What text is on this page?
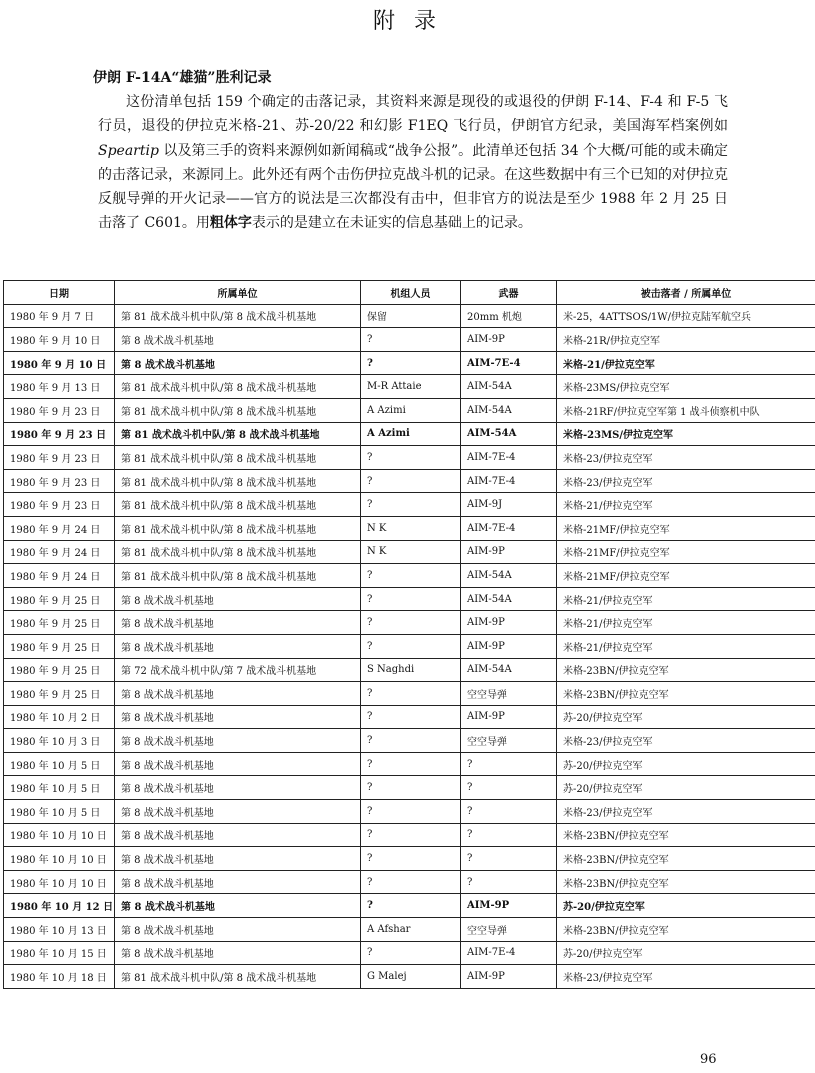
附 录
伊朗 F-14A“雄猫”胜利记录

这份清单包括 159 个确定的击落记录，其资料来源是现役的或退役的伊朗 F-14、F-4 和 F-5 飞行员，退役的伊拉克米格-21、苏-20/22 和幻影 F1EQ 飞行员，伊朗官方纪录，美国海军档案例如 Speartip 以及第三手的资料来源例如新闻稿或“战争公报”。此清单还包括 34 个大概/可能的或未确定的击落记录，来源同上。此外还有两个击伤伊拉克战斗机的记录。在这些数据中有三个已知的对伊拉克反舰导弹的开火记录——官方的说法是三次都没有击中，但非官方的说法是至少 1988 年 2 月 25 日击落了 C601。用粗体字表示的是建立在未证实的信息基础上的记录。

日期	所属单位	机组人员	武器	被击落者 / 所属单位
1980 年 9 月 7 日	第 81 战术战斗机中队/第 8 战术战斗机基地	保留	20mm 机炮	米-25，4ATTSOS/1W/伊拉克陆军航空兵
1980 年 9 月 10 日	第 8 战术战斗机基地	?	AIM-9P	米格-21R/伊拉克空军
1980 年 9 月 10 日	第 8 战术战斗机基地	?	AIM-7E-4	米格-21/伊拉克空军
1980 年 9 月 13 日	第 81 战术战斗机中队/第 8 战术战斗机基地	M-R Attaie	AIM-54A	米格-23MS/伊拉克空军
1980 年 9 月 23 日	第 81 战术战斗机中队/第 8 战术战斗机基地	A Azimi	AIM-54A	米格-21RF/伊拉克空军第 1 战斗侦察机中队
1980 年 9 月 23 日	第 81 战术战斗机中队/第 8 战术战斗机基地	A Azimi	AIM-54A	米格-23MS/伊拉克空军
1980 年 9 月 23 日	第 81 战术战斗机中队/第 8 战术战斗机基地	?	AIM-7E-4	米格-23/伊拉克空军
1980 年 9 月 23 日	第 81 战术战斗机中队/第 8 战术战斗机基地	?	AIM-7E-4	米格-23/伊拉克空军
1980 年 9 月 23 日	第 81 战术战斗机中队/第 8 战术战斗机基地	?	AIM-9J	米格-21/伊拉克空军
1980 年 9 月 24 日	第 81 战术战斗机中队/第 8 战术战斗机基地	N K	AIM-7E-4	米格-21MF/伊拉克空军
1980 年 9 月 24 日	第 81 战术战斗机中队/第 8 战术战斗机基地	N K	AIM-9P	米格-21MF/伊拉克空军
1980 年 9 月 24 日	第 81 战术战斗机中队/第 8 战术战斗机基地	?	AIM-54A	米格-21MF/伊拉克空军
1980 年 9 月 25 日	第 8 战术战斗机基地	?	AIM-54A	米格-21/伊拉克空军
1980 年 9 月 25 日	第 8 战术战斗机基地	?	AIM-9P	米格-21/伊拉克空军
1980 年 9 月 25 日	第 8 战术战斗机基地	?	AIM-9P	米格-21/伊拉克空军
1980 年 9 月 25 日	第 72 战术战斗机中队/第 7 战术战斗机基地	S Naghdi	AIM-54A	米格-23BN/伊拉克空军
1980 年 9 月 25 日	第 8 战术战斗机基地	?	空空导弹	米格-23BN/伊拉克空军
1980 年 10 月 2 日	第 8 战术战斗机基地	?	AIM-9P	苏-20/伊拉克空军
1980 年 10 月 3 日	第 8 战术战斗机基地	?	空空导弹	米格-23/伊拉克空军
1980 年 10 月 5 日	第 8 战术战斗机基地	?	?	苏-20/伊拉克空军
1980 年 10 月 5 日	第 8 战术战斗机基地	?	?	苏-20/伊拉克空军
1980 年 10 月 5 日	第 8 战术战斗机基地	?	?	米格-23/伊拉克空军
1980 年 10 月 10 日	第 8 战术战斗机基地	?	?	米格-23BN/伊拉克空军
1980 年 10 月 10 日	第 8 战术战斗机基地	?	?	米格-23BN/伊拉克空军
1980 年 10 月 10 日	第 8 战术战斗机基地	?	?	米格-23BN/伊拉克空军
1980 年 10 月 12 日	第 8 战术战斗机基地	?	AIM-9P	苏-20/伊拉克空军
1980 年 10 月 13 日	第 8 战术战斗机基地	A Afshar	空空导弹	米格-23BN/伊拉克空军
1980 年 10 月 15 日	第 8 战术战斗机基地	?	AIM-7E-4	苏-20/伊拉克空军
1980 年 10 月 18 日	第 81 战术战斗机中队/第 8 战术战斗机基地	G Malej	AIM-9P	米格-23/伊拉克空军
96
